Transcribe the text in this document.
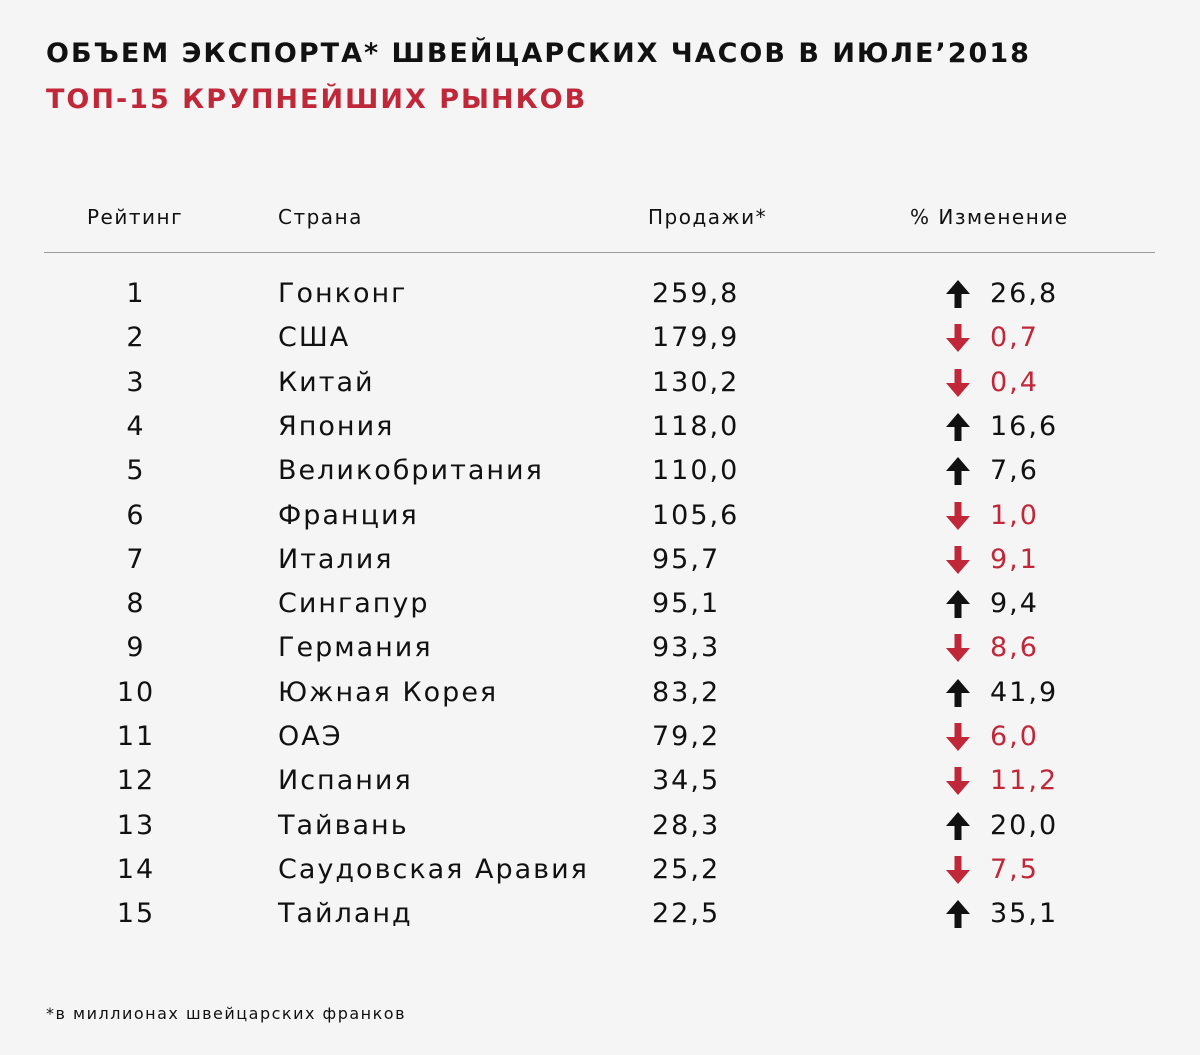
ОБЪЕМ ЭКСПОРТА* ШВЕЙЦАРСКИХ ЧАСОВ В ИЮЛЕ’2018
ТОП-15 КРУПНЕЙШИХ РЫНКОВ
Рейтинг	Страна	Продажи*	% Изменение
1	Гонконг	259,8	26,8
2	США	179,9	0,7
3	Китай	130,2	0,4
4	Япония	118,0	16,6
5	Великобритания	110,0	7,6
6	Франция	105,6	1,0
7	Италия	95,7	9,1
8	Сингапур	95,1	9,4
9	Германия	93,3	8,6
10	Южная Корея	83,2	41,9
11	ОАЭ	79,2	6,0
12	Испания	34,5	11,2
13	Тайвань	28,3	20,0
14	Саудовская Аравия 25,2	7,5
15	Тайланд	22,5	35,1
*в миллионах швейцарских франков
